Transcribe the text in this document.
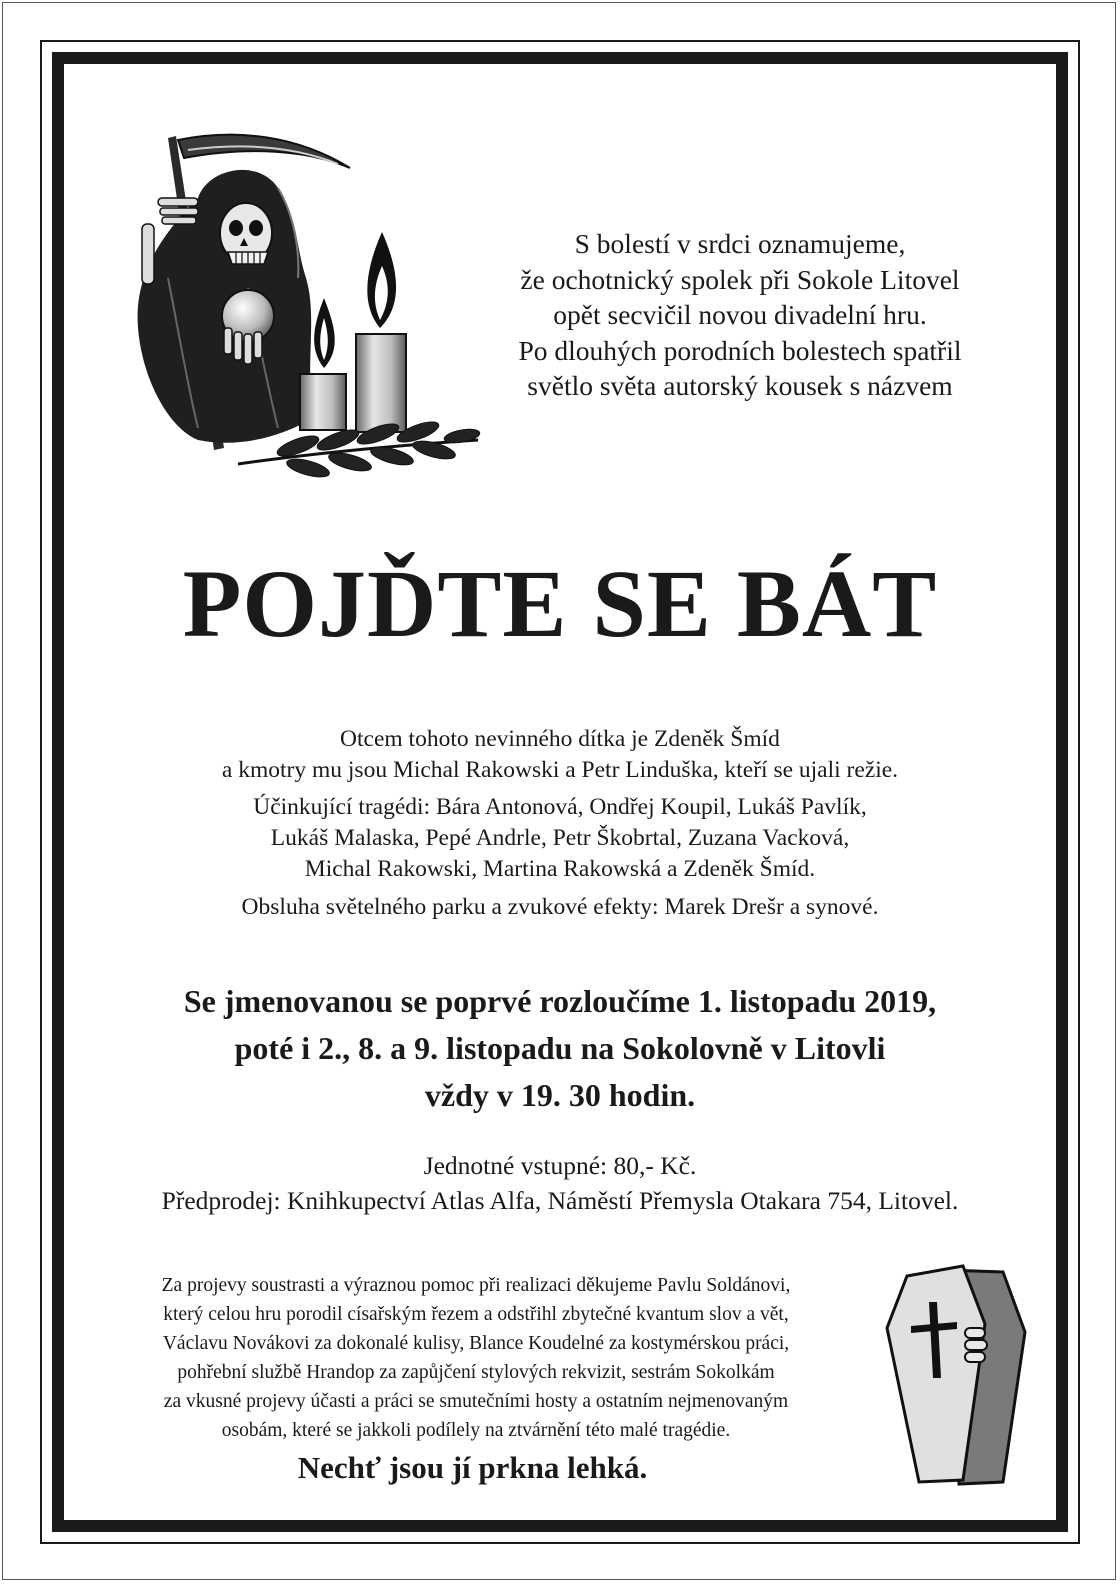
S bolestí v srdci oznamujeme,
že ochotnický spolek při Sokole Litovel
opět secvičil novou divadelní hru.
Po dlouhých porodních bolestech spatřil
světlo světa autorský kousek s názvem
POJĎTE SE BÁT
Otcem tohoto nevinného dítka je Zdeněk Šmíd
a kmotry mu jsou Michal Rakowski a Petr Linduška, kteří se ujali režie.
Účinkující tragédi: Bára Antonová, Ondřej Koupil, Lukáš Pavlík,
Lukáš Malaska, Pepé Andrle, Petr Škobrtal, Zuzana Vacková,
Michal Rakowski, Martina Rakowská a Zdeněk Šmíd.
Obsluha světelného parku a zvukové efekty: Marek Drešr a synové.
Se jmenovanou se poprvé rozloučíme 1. listopadu 2019,
poté i 2., 8. a 9. listopadu na Sokolovně v Litovli
vždy v 19. 30 hodin.
Jednotné vstupné: 80,- Kč.
Předprodej: Knihkupectví Atlas Alfa, Náměstí Přemysla Otakara 754, Litovel.
Za projevy soustrasti a výraznou pomoc při realizaci děkujeme Pavlu Soldánovi,
který celou hru porodil císařským řezem a odstřihl zbytečné kvantum slov a vět,
Václavu Novákovi za dokonalé kulisy, Blance Koudelné za kostymérskou práci,
pohřební službě Hrandop za zapůjčení stylových rekvizit, sestrám Sokolkám
za vkusné projevy účasti a práci se smutečními hosty a ostatním nejmenovaným
osobám, které se jakkoli podílely na ztvárnění této malé tragédie.
Nechť jsou jí prkna lehká.
